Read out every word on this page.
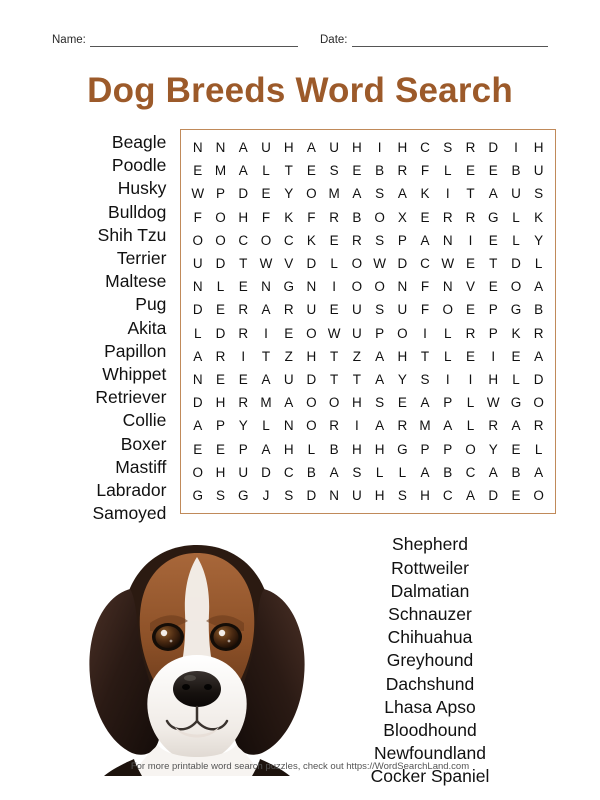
Name:	Date:
Dog Breeds Word Search
Beagle
Poodle
Husky
Bulldog
Shih Tzu
Terrier
Maltese
Pug
Akita
Papillon
Whippet
Retriever
Collie
Boxer
Mastiff
Labrador
Samoyed
N	N	A	U	H	A	U	H	I	H	C	S	R	D	I	H
E	M	A	L	T	E	S	E	B	R	F	L	E	E	B	U
W	P	D	E	Y	O	M	A	S	A	K	I	T	A	U	S
F	O	H	F	K	F	R	B	O	X	E	R	R	G	L	K
O	O	C	O	C	K	E	R	S	P	A	N	I	E	L	Y
U	D	T	W	V	D	L	O	W	D	C	W	E	T	D	L
N	L	E	N	G	N	I	O	O	N	F	N	V	E	O	A
D	E	R	A	R	U	E	U	S	U	F	O	E	P	G	B
L	D	R	I	E	O	W	U	P	O	I	L	R	P	K	R
A	R	I	T	Z	H	T	Z	A	H	T	L	E	I	E	A
N	E	E	A	U	D	T	T	A	Y	S	I	I	H	L	D
D	H	R	M	A	O	O	H	S	E	A	P	L	W	G	O
A	P	Y	L	N	O	R	I	A	R	M	A	L	R	A	R
E	E	P	A	H	L	B	H	H	G	P	P	O	Y	E	L
O	H	U	D	C	B	A	S	L	L	A	B	C	A	B	A
G	S	G	J	S	D	N	U	H	S	H	C	A	D	E	O
Shepherd
Rottweiler
Dalmatian
Schnauzer
Chihuahua
Greyhound
Dachshund
Lhasa Apso
Bloodhound
Newfoundland
Cocker Spaniel
For more printable word search puzzles, check out https://WordSearchLand.com
